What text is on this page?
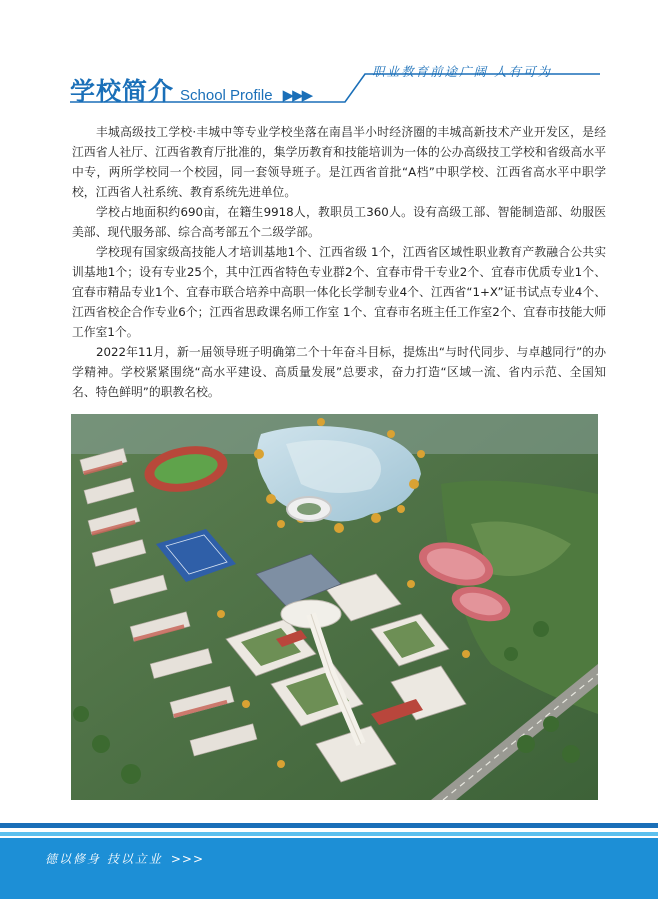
学校简介 School Profile ▶▶▶
职业教育前途广阔 人有可为

丰城高级技工学校·丰城中等专业学校坐落在南昌半小时经济圈的丰城高新技术产业开发区，是经江西省人社厅、江西省教育厅批准的，集学历教育和技能培训为一体的公办高级技工学校和省级高水平中专，两所学校同一个校园，同一套领导班子。是江西省首批“A档”中职学校、江西省高水平中职学校，江西省人社系统、教育系统先进单位。

学校占地面积约690亩，在籍生9918人，教职员工360人。设有高级工部、智能制造部、幼服医美部、现代服务部、综合高考部五个二级学部。

学校现有国家级高技能人才培训基地1个、江西省级 1个，江西省区域性职业教育产教融合公共实训基地1个；设有专业25个，其中江西省特色专业群2个、宜春市骨干专业2个、宜春市优质专业1个、宜春市精品专业1个、宜春市联合培养中高职一体化长学制专业4个、江西省“1+X”证书试点专业4个、江西省校企合作专业6个；江西省思政课名师工作室 1个、宜春市名班主任工作室2个、宜春市技能大师工作室1个。

2022年11月，新一届领导班子明确第二个十年奋斗目标，提炼出“与时代同步、与卓越同行”的办学精神。学校紧紧围绕“高水平建设、高质量发展”总要求，奋力打造“区域一流、省内示范、全国知名、特色鲜明”的职教名校。

德以修身 技以立业 >>>
